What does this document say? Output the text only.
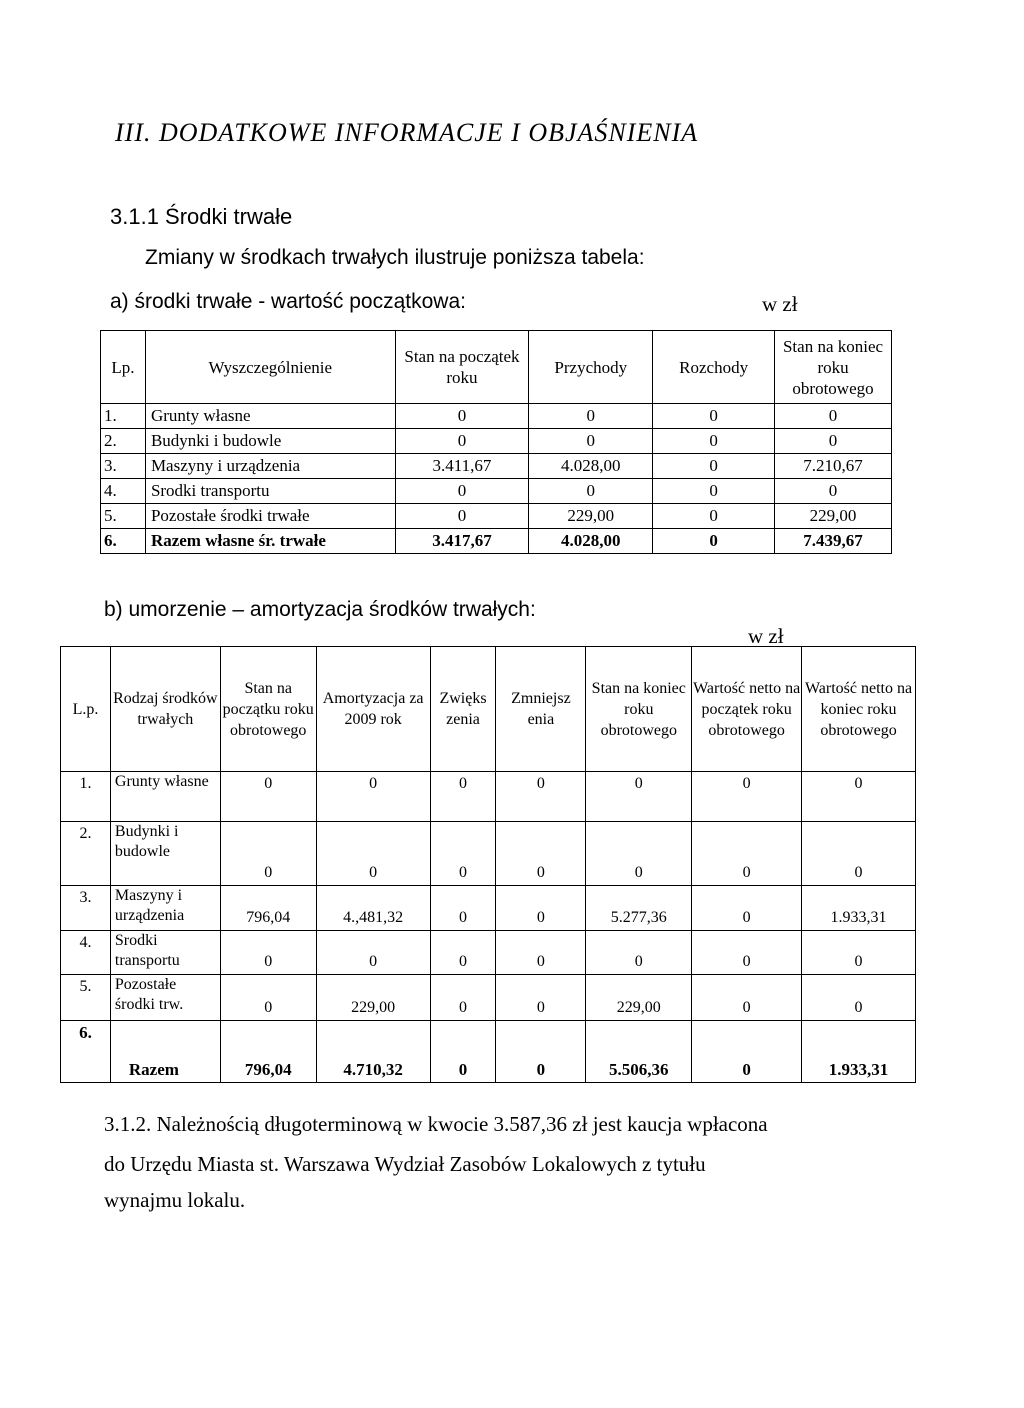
III. DODATKOWE INFORMACJE I OBJAŚNIENIA
3.1.1 Środki trwałe
Zmiany w środkach trwałych ilustruje poniższa tabela:
a) środki trwałe - wartość początkowa:	w zł
Lp.	Wyszczególnienie	Stan na początek roku	Przychody	Rozchody	Stan na koniec roku obrotowego
1.	Grunty własne	0	0	0	0
2.	Budynki i budowle	0	0	0	0
3.	Maszyny i urządzenia	3.411,67	4.028,00	0	7.210,67
4.	Srodki transportu	0	0	0	0
5.	Pozostałe środki trwałe	0	229,00	0	229,00
6.	Razem własne śr. trwałe	3.417,67	4.028,00	0	7.439,67
b) umorzenie – amortyzacja środków trwałych:
w zł
L.p.	Rodzaj środków trwałych	Stan na początku roku obrotowego	Amortyzacja za 2009 rok	Zwięks zenia	Zmniejsz enia	Stan na koniec roku obrotowego	Wartość netto na początek roku obrotowego	Wartość netto na koniec roku obrotowego
1.	Grunty własne	0	0	0	0	0	0	0
2.	Budynki i budowle	0	0	0	0	0	0	0
3.	Maszyny i urządzenia	796,04	4.,481,32	0	0	5.277,36	0	1.933,31
4.	Srodki transportu	0	0	0	0	0	0	0
5.	Pozostałe środki trw.	0	229,00	0	0	229,00	0	0
6.	Razem	796,04	4.710,32	0	0	5.506,36	0	1.933,31
3.1.2. Należnością długoterminową w kwocie 3.587,36 zł jest kaucja wpłacona
do Urzędu Miasta st. Warszawa Wydział Zasobów Lokalowych z tytułu
wynajmu lokalu.
